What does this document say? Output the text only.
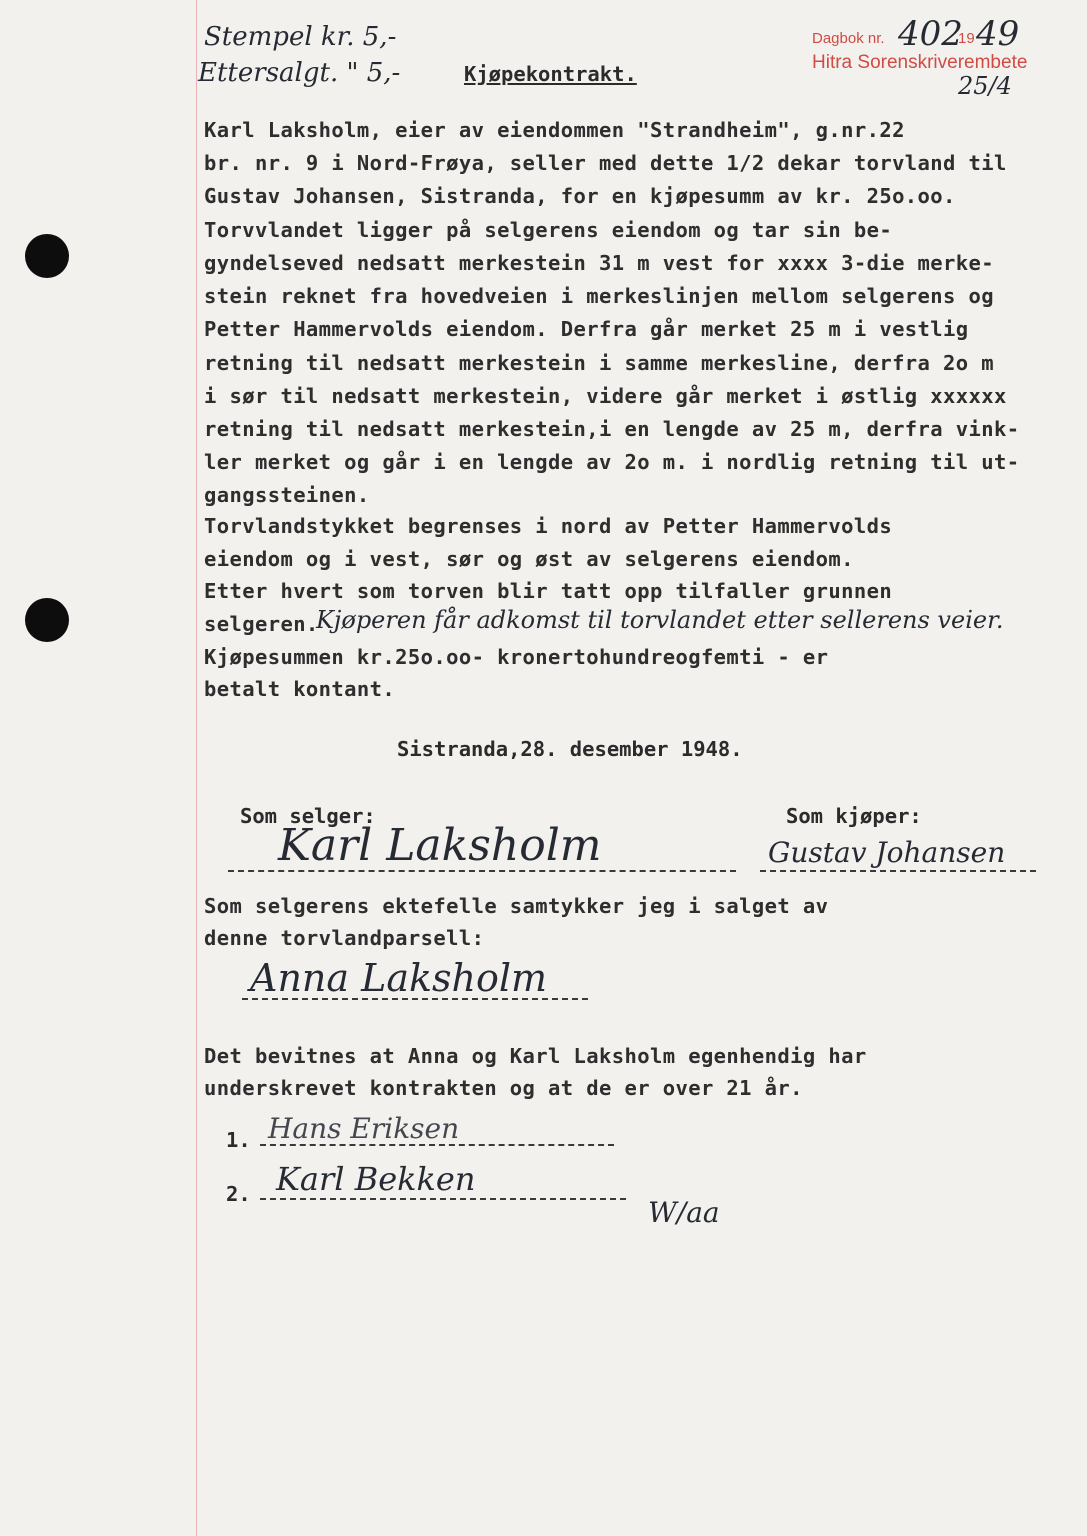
Stempel kr. 5,-
Ettersalgt. " 5,-
Dagbok nr. 402
19 49
Hitra Sorenskriverembete
25/4
Kjøpekontrakt.
Karl Laksholm, eier av eiendommen "Strandheim", g.nr.22
br. nr. 9 i Nord-Frøya, seller med dette 1/2 dekar torvland til
Gustav Johansen, Sistranda, for en kjøpesumm av kr. 25o.oo.
Torvvlandet ligger på selgerens eiendom og tar sin be-
gyndelseved nedsatt merkestein 31 m vest for xxxx 3-die merke-
stein reknet fra hovedveien i merkeslinjen mellom selgerens og
Petter Hammervolds eiendom. Derfra går merket 25 m i vestlig
retning til nedsatt merkestein i samme merkesline, derfra 2o m
i sør til nedsatt merkestein, videre går merket i østlig xxxxxx
retning til nedsatt merkestein,i en lengde av 25 m, derfra vink-
ler merket og går i en lengde av 2o m. i nordlig retning til ut-
gangssteinen.
Torvlandstykket begrenses i nord av Petter Hammervolds
eiendom og i vest, sør og øst av selgerens eiendom.
Etter hvert som torven blir tatt opp tilfaller grunnen
selgeren.
Kjøperen får adkomst til torvlandet etter sellerens veier.
Kjøpesummen kr.25o.oo- kronertohundreogfemti - er
betalt kontant.
Sistranda,28. desember 1948.
Som selger:	Som kjøper:
Karl Laksholm	Gustav Johansen
Som selgerens ektefelle samtykker jeg i salget av
denne torvlandparsell:
Anna Laksholm
Det bevitnes at Anna og Karl Laksholm egenhendig har
underskrevet kontrakten og at de er over 21 år.
1. Hans Eriksen
2. Karl Bekken
W/aa
